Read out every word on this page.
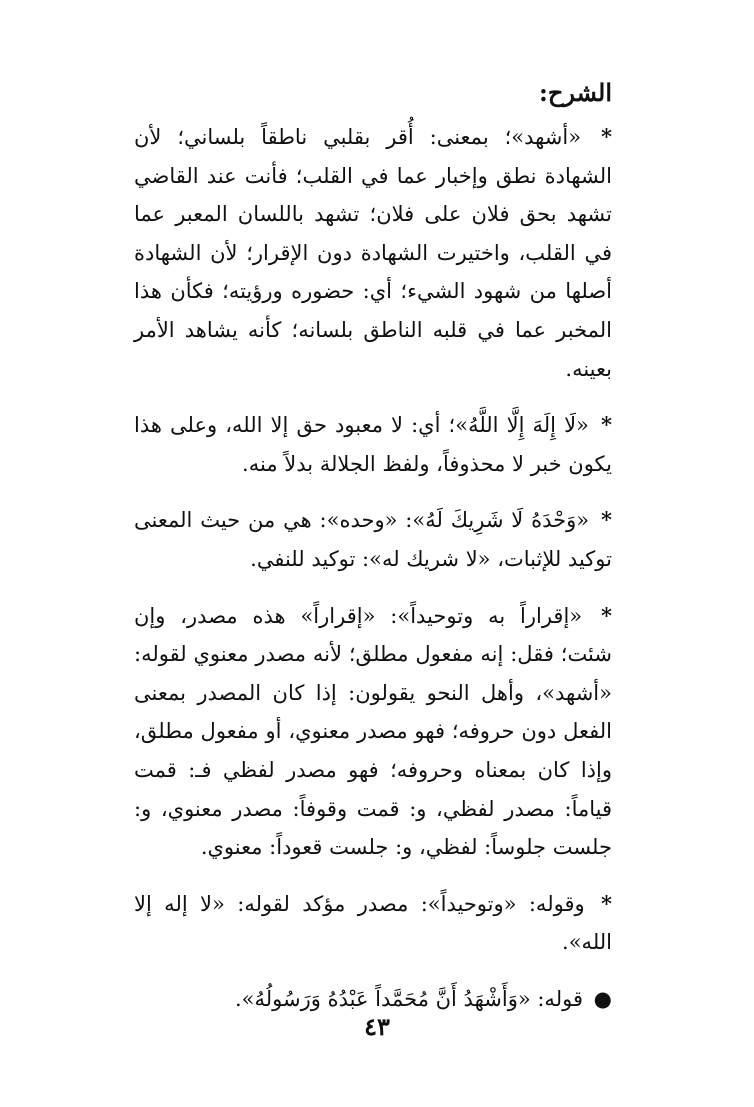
الشرح:

* «أشهد»؛ بمعنى: أُقر بقلبي ناطقاً بلساني؛ لأن الشهادة نطق وإخبار عما في القلب؛ فأنت عند القاضي تشهد بحق فلان على فلان؛ تشهد باللسان المعبر عما في القلب، واختيرت الشهادة دون الإقرار؛ لأن الشهادة أصلها من شهود الشيء؛ أي: حضوره ورؤيته؛ فكأن هذا المخبر عما في قلبه الناطق بلسانه؛ كأنه يشاهد الأمر بعينه.

* «لَا إِلَهَ إِلَّا اللَّهُ»؛ أي: لا معبود حق إلا الله، وعلى هذا يكون خبر لا محذوفاً، ولفظ الجلالة بدلاً منه.

* «وَحْدَهُ لَا شَرِيكَ لَهُ»: «وحده»: هي من حيث المعنى توكيد للإثبات، «لا شريك له»: توكيد للنفي.

* «إقراراً به وتوحيداً»: «إقراراً» هذه مصدر، وإن شئت؛ فقل: إنه مفعول مطلق؛ لأنه مصدر معنوي لقوله: «أشهد»، وأهل النحو يقولون: إذا كان المصدر بمعنى الفعل دون حروفه؛ فهو مصدر معنوي، أو مفعول مطلق، وإذا كان بمعناه وحروفه؛ فهو مصدر لفظي فـ: قمت قياماً: مصدر لفظي، و: قمت وقوفاً: مصدر معنوي، و: جلست جلوساً: لفظي، و: جلست قعوداً: معنوي.

* وقوله: «وتوحيداً»: مصدر مؤكد لقوله: «لا إله إلا الله».

● قوله: «وَأَشْهَدُ أَنَّ مُحَمَّداً عَبْدُهُ وَرَسُولُهُ».

٤٣
